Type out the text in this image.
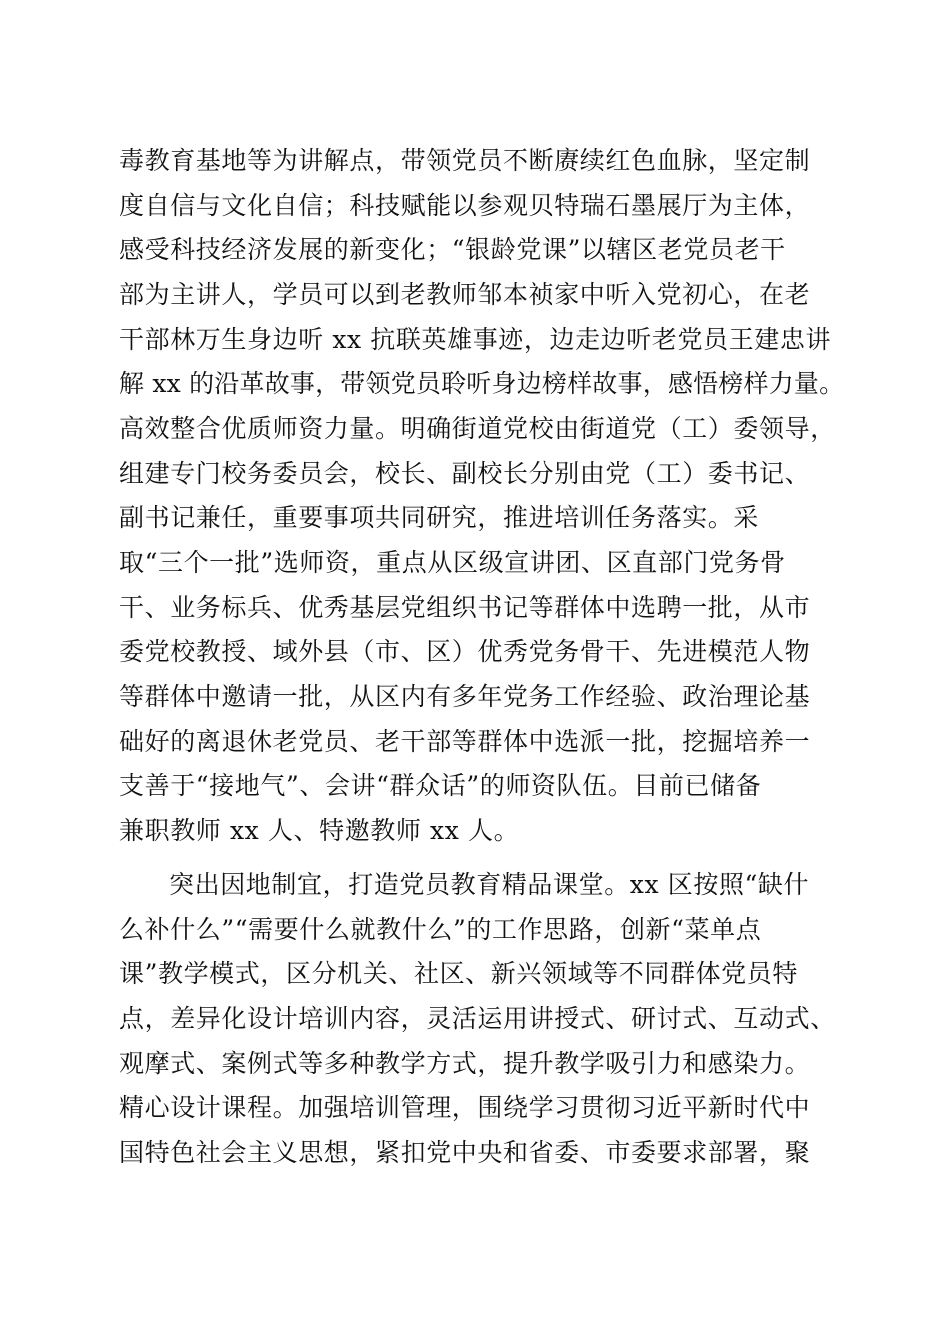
毒教育基地等为讲解点，带领党员不断赓续红色血脉，坚定制
度自信与文化自信；科技赋能以参观贝特瑞石墨展厅为主体，
感受科技经济发展的新变化；“银龄党课”以辖区老党员老干
部为主讲人，学员可以到老教师邹本祯家中听入党初心，在老
干部林万生身边听 xx 抗联英雄事迹，边走边听老党员王建忠讲
解 xx 的沿革故事，带领党员聆听身边榜样故事，感悟榜样力量。
高效整合优质师资力量。明确街道党校由街道党（工）委领导，
组建专门校务委员会，校长、副校长分别由党（工）委书记、
副书记兼任，重要事项共同研究，推进培训任务落实。采
取“三个一批”选师资，重点从区级宣讲团、区直部门党务骨
干、业务标兵、优秀基层党组织书记等群体中选聘一批，从市
委党校教授、域外县（市、区）优秀党务骨干、先进模范人物
等群体中邀请一批，从区内有多年党务工作经验、政治理论基
础好的离退休老党员、老干部等群体中选派一批，挖掘培养一
支善于“接地气”、会讲“群众话”的师资队伍。目前已储备
兼职教师 xx 人、特邀教师 xx 人。
突出因地制宜，打造党员教育精品课堂。xx 区按照“缺什
么补什么”“需要什么就教什么”的工作思路，创新“菜单点
课”教学模式，区分机关、社区、新兴领域等不同群体党员特
点，差异化设计培训内容，灵活运用讲授式、研讨式、互动式、
观摩式、案例式等多种教学方式，提升教学吸引力和感染力。
精心设计课程。加强培训管理，围绕学习贯彻习近平新时代中
国特色社会主义思想，紧扣党中央和省委、市委要求部署，聚
